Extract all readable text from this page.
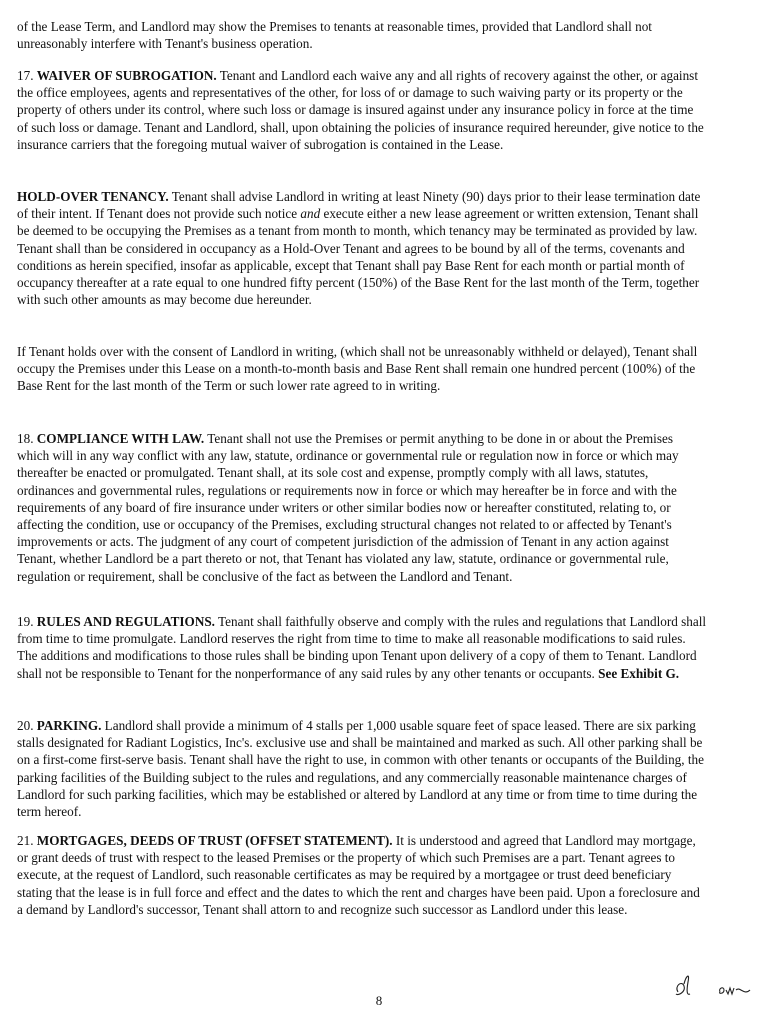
of the Lease Term, and Landlord may show the Premises to tenants at reasonable times, provided that Landlord shall not unreasonably interfere with Tenant's business operation.

17. WAIVER OF SUBROGATION. Tenant and Landlord each waive any and all rights of recovery against the other, or against the office employees, agents and representatives of the other, for loss of or damage to such waiving party or its property or the property of others under its control, where such loss or damage is insured against under any insurance policy in force at the time of such loss or damage. Tenant and Landlord, shall, upon obtaining the policies of insurance required hereunder, give notice to the insurance carriers that the foregoing mutual waiver of subrogation is contained in the Lease.

HOLD-OVER TENANCY. Tenant shall advise Landlord in writing at least Ninety (90) days prior to their lease termination date of their intent. If Tenant does not provide such notice and execute either a new lease agreement or written extension, Tenant shall be deemed to be occupying the Premises as a tenant from month to month, which tenancy may be terminated as provided by law. Tenant shall than be considered in occupancy as a Hold-Over Tenant and agrees to be bound by all of the terms, covenants and conditions as herein specified, insofar as applicable, except that Tenant shall pay Base Rent for each month or partial month of occupancy thereafter at a rate equal to one hundred fifty percent (150%) of the Base Rent for the last month of the Term, together with such other amounts as may become due hereunder.

If Tenant holds over with the consent of Landlord in writing, (which shall not be unreasonably withheld or delayed), Tenant shall occupy the Premises under this Lease on a month-to-month basis and Base Rent shall remain one hundred percent (100%) of the Base Rent for the last month of the Term or such lower rate agreed to in writing.

18. COMPLIANCE WITH LAW. Tenant shall not use the Premises or permit anything to be done in or about the Premises which will in any way conflict with any law, statute, ordinance or governmental rule or regulation now in force or which may thereafter be enacted or promulgated. Tenant shall, at its sole cost and expense, promptly comply with all laws, statutes, ordinances and governmental rules, regulations or requirements now in force or which may hereafter be in force and with the requirements of any board of fire insurance under writers or other similar bodies now or hereafter constituted, relating to, or affecting the condition, use or occupancy of the Premises, excluding structural changes not related to or affected by Tenant's improvements or acts. The judgment of any court of competent jurisdiction of the admission of Tenant in any action against Tenant, whether Landlord be a part thereto or not, that Tenant has violated any law, statute, ordinance or governmental rule, regulation or requirement, shall be conclusive of the fact as between the Landlord and Tenant.

19. RULES AND REGULATIONS. Tenant shall faithfully observe and comply with the rules and regulations that Landlord shall from time to time promulgate. Landlord reserves the right from time to time to make all reasonable modifications to said rules. The additions and modifications to those rules shall be binding upon Tenant upon delivery of a copy of them to Tenant. Landlord shall not be responsible to Tenant for the nonperformance of any said rules by any other tenants or occupants. See Exhibit G.

20. PARKING. Landlord shall provide a minimum of 4 stalls per 1,000 usable square feet of space leased. There are six parking stalls designated for Radiant Logistics, Inc's. exclusive use and shall be maintained and marked as such. All other parking shall be on a first-come first-serve basis. Tenant shall have the right to use, in common with other tenants or occupants of the Building, the parking facilities of the Building subject to the rules and regulations, and any commercially reasonable maintenance charges of Landlord for such parking facilities, which may be established or altered by Landlord at any time or from time to time during the term hereof.

21. MORTGAGES, DEEDS OF TRUST (OFFSET STATEMENT). It is understood and agreed that Landlord may mortgage, or grant deeds of trust with respect to the leased Premises or the property of which such Premises are a part. Tenant agrees to execute, at the request of Landlord, such reasonable certificates as may be required by a mortgagee or trust deed beneficiary stating that the lease is in full force and effect and the dates to which the rent and charges have been paid. Upon a foreclosure and a demand by Landlord's successor, Tenant shall attorn to and recognize such successor as Landlord under this lease.

8
